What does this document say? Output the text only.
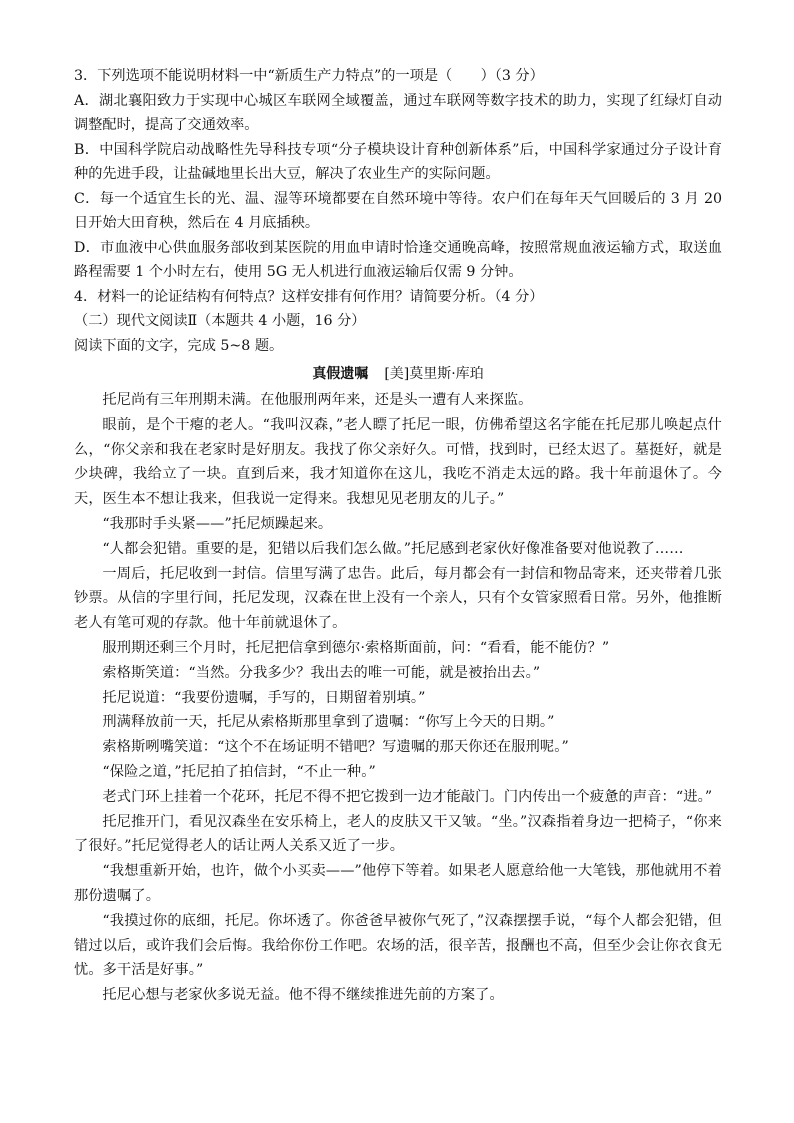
3．下列选项不能说明材料一中“新质生产力特点”的一项是（　　）（3 分）

A．湖北襄阳致力于实现中心城区车联网全域覆盖，通过车联网等数字技术的助力，实现了红绿灯自动调整配时，提高了交通效率。

B．中国科学院启动战略性先导科技专项“分子模块设计育种创新体系”后，中国科学家通过分子设计育种的先进手段，让盐碱地里长出大豆，解决了农业生产的实际问题。

C．每一个适宜生长的光、温、湿等环境都要在自然环境中等待。农户们在每年天气回暖后的 3 月 20 日开始大田育秧，然后在 4 月底插秧。

D．市血液中心供血服务部收到某医院的用血申请时恰逢交通晚高峰，按照常规血液运输方式，取送血路程需要 1 个小时左右，使用 5G 无人机进行血液运输后仅需 9 分钟。

4．材料一的论证结构有何特点？这样安排有何作用？请简要分析。（4 分）

（二）现代文阅读Ⅱ（本题共 4 小题，16 分）

阅读下面的文字，完成 5~8 题。

真假遗嘱 [美]莫里斯·库珀

托尼尚有三年刑期未满。在他服刑两年来，还是头一遭有人来探监。

眼前，是个干瘪的老人。“我叫汉森，”老人瞟了托尼一眼，仿佛希望这名字能在托尼那儿唤起点什么，“你父亲和我在老家时是好朋友。我找了你父亲好久。可惜，找到时，已经太迟了。墓挺好，就是少块碑，我给立了一块。直到后来，我才知道你在这儿，我吃不消走太远的路。我十年前退休了。今天，医生本不想让我来，但我说一定得来。我想见见老朋友的儿子。”

“我那时手头紧——”托尼烦躁起来。

“人都会犯错。重要的是，犯错以后我们怎么做。”托尼感到老家伙好像准备要对他说教了……

一周后，托尼收到一封信。信里写满了忠告。此后，每月都会有一封信和物品寄来，还夹带着几张钞票。从信的字里行间，托尼发现，汉森在世上没有一个亲人，只有个女管家照看日常。另外，他推断老人有笔可观的存款。他十年前就退休了。

服刑期还剩三个月时，托尼把信拿到德尔·索格斯面前，问：“看看，能不能仿？”

索格斯笑道：“当然。分我多少？我出去的唯一可能，就是被抬出去。”

托尼说道：“我要份遗嘱，手写的，日期留着别填。”

刑满释放前一天，托尼从索格斯那里拿到了遗嘱：“你写上今天的日期。”

索格斯咧嘴笑道：“这个不在场证明不错吧？写遗嘱的那天你还在服刑呢。”

“保险之道，”托尼拍了拍信封，“不止一种。”

老式门环上挂着一个花环，托尼不得不把它拨到一边才能敲门。门内传出一个疲惫的声音：“进。”

托尼推开门，看见汉森坐在安乐椅上，老人的皮肤又干又皱。“坐。”汉森指着身边一把椅子，“你来了很好。”托尼觉得老人的话让两人关系又近了一步。

“我想重新开始，也许，做个小买卖——”他停下等着。如果老人愿意给他一大笔钱，那他就用不着那份遗嘱了。

“我摸过你的底细，托尼。你坏透了。你爸爸早被你气死了，”汉森摆摆手说，“每个人都会犯错，但错过以后，或许我们会后悔。我给你份工作吧。农场的活，很辛苦，报酬也不高，但至少会让你衣食无忧。多干活是好事。”

托尼心想与老家伙多说无益。他不得不继续推进先前的方案了。
